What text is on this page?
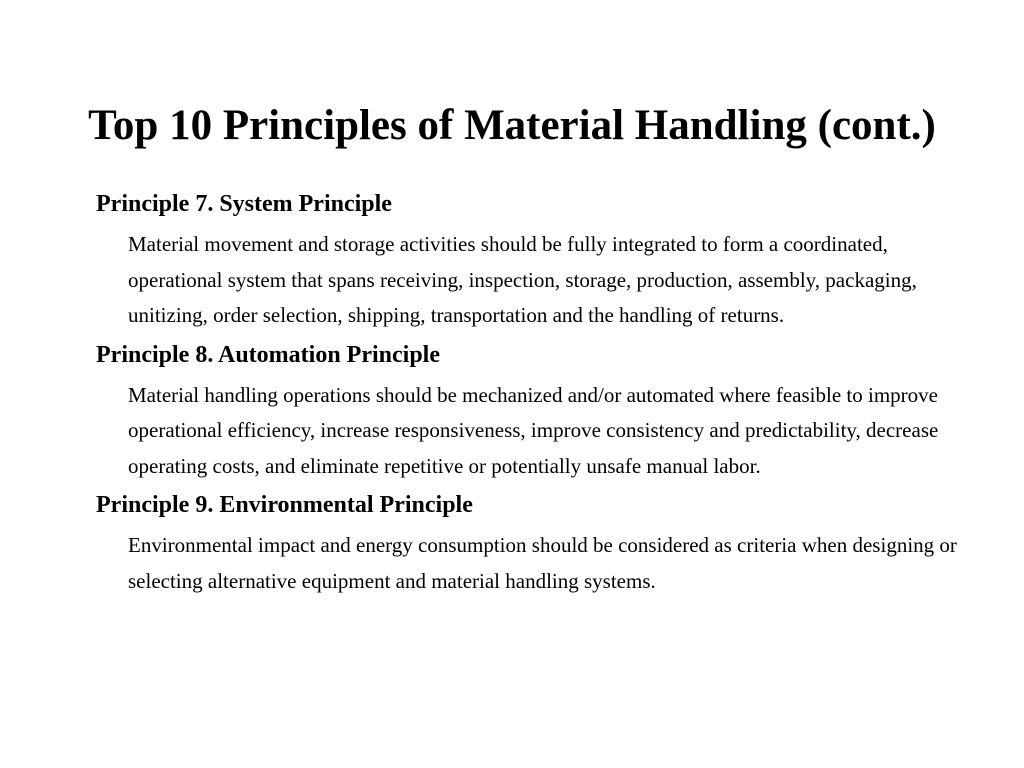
Top 10 Principles of Material Handling (cont.)

Principle 7. System Principle

Material movement and storage activities should be fully integrated to form a coordinated, operational system that spans receiving, inspection, storage, production, assembly, packaging, unitizing, order selection, shipping, transportation and the handling of returns.

Principle 8. Automation Principle

Material handling operations should be mechanized and/or automated where feasible to improve operational efficiency, increase responsiveness, improve consistency and predictability, decrease operating costs, and eliminate repetitive or potentially unsafe manual labor.

Principle 9. Environmental Principle

Environmental impact and energy consumption should be considered as criteria when designing or selecting alternative equipment and material handling systems.
